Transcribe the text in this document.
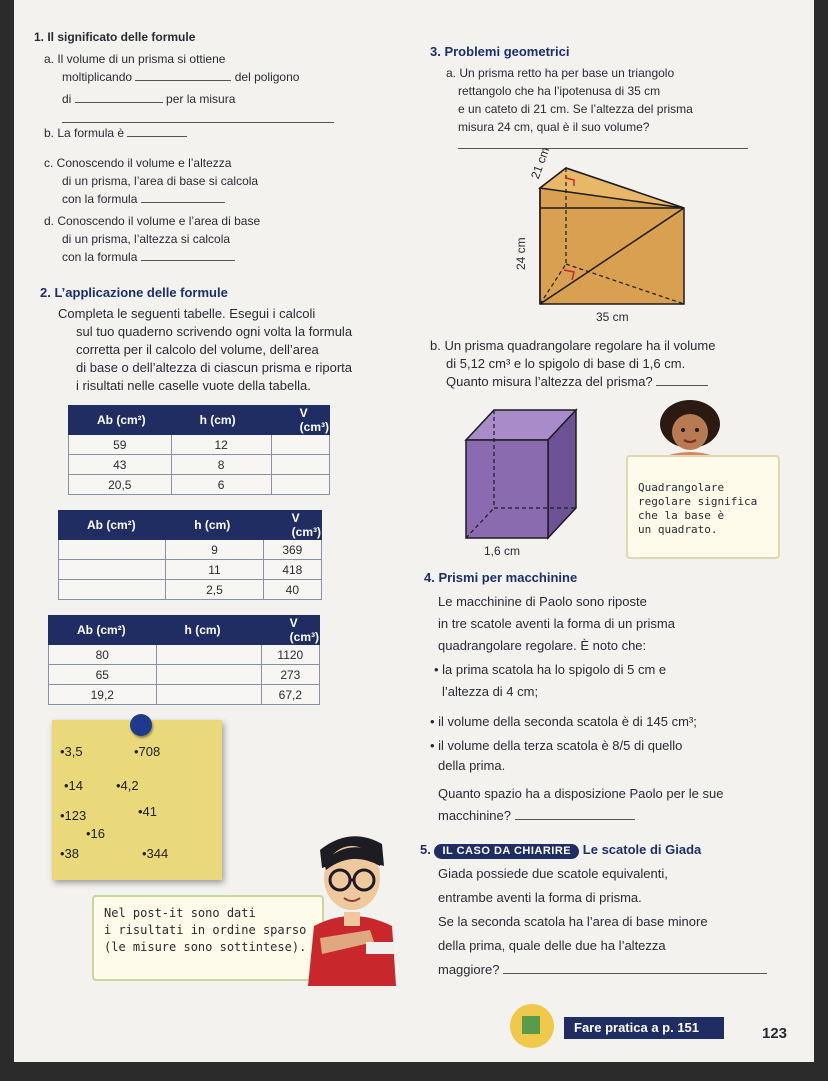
1. Il significato delle formule
a. Il volume di un prisma si ottiene
moltiplicando	del poligono
di	per la misura
b. La formula è
c. Conoscendo il volume e l’altezza
di un prisma, l’area di base si calcola
con la formula
d. Conoscendo il volume e l’area di base
di un prisma, l’altezza si calcola
con la formula
2. L’applicazione delle formule
Completa le seguenti tabelle. Esegui i calcoli
sul tuo quaderno scrivendo ogni volta la formula
corretta per il calcolo del volume, dell’area
di base o dell’altezza di ciascun prisma e riporta
i risultati nelle caselle vuote della tabella.
Ab (cm²)	h (cm)	V (cm³)
59	12	
43	8	
20,5	6	
Ab (cm²)	h (cm)	V (cm³)
	9	369
	11	418
	2,5	40
Ab (cm²)	h (cm)	V (cm³)
80		1120
65		273
19,2		67,2
•3,5	•708
•14	•4,2
•123	•41
•16
•38	•344
Nel post-it sono dati
i risultati in ordine sparso
(le misure sono sottintese).
3. Problemi geometrici
a. Un prisma retto ha per base un triangolo
rettangolo che ha l’ipotenusa di 35 cm
e un cateto di 21 cm. Se l’altezza del prisma
misura 24 cm, qual è il suo volume?
21 cm
24 cm
35 cm
b. Un prisma quadrangolare regolare ha il volume
di 5,12 cm³ e lo spigolo di base di 1,6 cm.
Quanto misura l’altezza del prisma?
1,6 cm
Quadrangolare
regolare significa
che la base è
un quadrato.
4. Prismi per macchinine
Le macchinine di Paolo sono riposte
in tre scatole aventi la forma di un prisma
quadrangolare regolare. È noto che:
• la prima scatola ha lo spigolo di 5 cm e
l’altezza di 4 cm;
• il volume della seconda scatola è di 145 cm³;
• il volume della terza scatola è 8/5 di quello
della prima.
Quanto spazio ha a disposizione Paolo per le sue
macchinine?
5. IL CASO DA CHIARIRE Le scatole di Giada
Giada possiede due scatole equivalenti,
entrambe aventi la forma di prisma.
Se la seconda scatola ha l’area di base minore
della prima, quale delle due ha l’altezza
maggiore?
Fare pratica a p. 151	123
